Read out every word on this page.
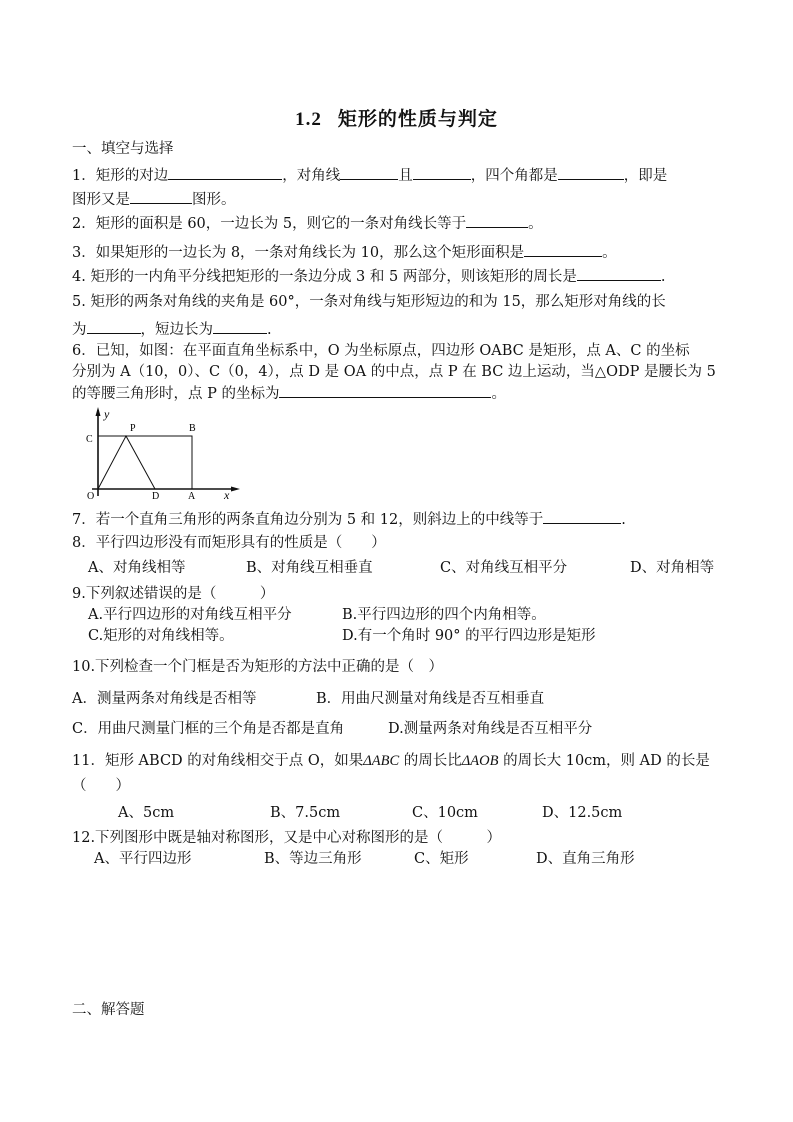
1.2 矩形的性质与判定
一、填空与选择
1．矩形的对边	，对角线	且	，四个角都是	，即是
图形又是	图形。
2．矩形的面积是 60，一边长为 5，则它的一条对角线长等于	。
3．如果矩形的一边长为 8，一条对角线长为 10，那么这个矩形面积是	。
4. 矩形的一内角平分线把矩形的一条边分成 3 和 5 两部分，则该矩形的周长是	.
5. 矩形的两条对角线的夹角是 60°，一条对角线与矩形短边的和为 15，那么矩形对角线的长
为	，短边长为	.
6．已知，如图：在平面直角坐标系中，O 为坐标原点，四边形 OABC 是矩形，点 A、C 的坐标
分别为 A（10，0）、C（0，4），点 D 是 OA 的中点，点 P 在 BC 边上运动，当△ODP 是腰长为 5
的等腰三角形时，点 P 的坐标为	。
y
C
P	B
O	D	A x
7．若一个直角三角形的两条直角边分别为 5 和 12，则斜边上的中线等于	.
8．平行四边形没有而矩形具有的性质是（　　）
A、对角线相等	B、对角线互相垂直	C、对角线互相平分	D、对角相等
9.下列叙述错误的是（　　　）
A.平行四边形的对角线互相平分	B.平行四边形的四个内角相等。
C.矩形的对角线相等。	D.有一个角时 90° 的平行四边形是矩形
10.下列检查一个门框是否为矩形的方法中正确的是（　）
A．测量两条对角线是否相等	B．用曲尺测量对角线是否互相垂直
C．用曲尺测量门框的三个角是否都是直角	D.测量两条对角线是否互相平分
11．矩形 ABCD 的对角线相交于点 O，如果ΔABC 的周长比ΔAOB 的周长大 10cm，则 AD 的长是
（　　）
A、5cm	B、7.5cm	C、10cm	D、12.5cm
12.下列图形中既是轴对称图形，又是中心对称图形的是（　　　）
A、平行四边形	B、等边三角形	C、矩形	D、直角三角形
二、解答题
